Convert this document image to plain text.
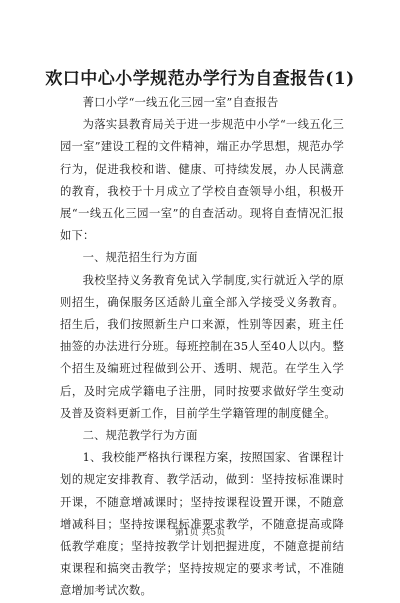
欢口中心小学规范办学行为自查报告(1)

菁口小学“一线五化三园一室”自查报告

为落实县教育局关于进一步规范中小学“一线五化三园一室”建设工程的文件精神，端正办学思想，规范办学行为，促进我校和谐、健康、可持续发展，办人民满意的教育，我校于十月成立了学校自查领导小组，积极开展“一线五化三园一室”的自查活动。现将自查情况汇报如下：

一、规范招生行为方面

我校坚持义务教育免试入学制度,实行就近入学的原则招生，确保服务区适龄儿童全部入学接受义务教育。招生后，我们按照新生户口来源，性别等因素，班主任抽签的办法进行分班。每班控制在35人至40人以内。整个招生及编班过程做到公开、透明、规范。在学生入学后，及时完成学籍电子注册，同时按要求做好学生变动及普及资料更新工作，目前学生学籍管理的制度健全。

二、规范教学行为方面

1、我校能严格执行课程方案，按照国家、省课程计划的规定安排教育、教学活动，做到：坚持按标准课时开课，不随意增减课时；坚持按课程设置开课，不随意增减科目；坚持按课程标准要求教学，不随意提高或降低教学难度；坚持按教学计划把握进度，不随意提前结束课程和搞突击教学；坚持按规定的要求考试，不准随意增加考试次数。

第1页 共5页
